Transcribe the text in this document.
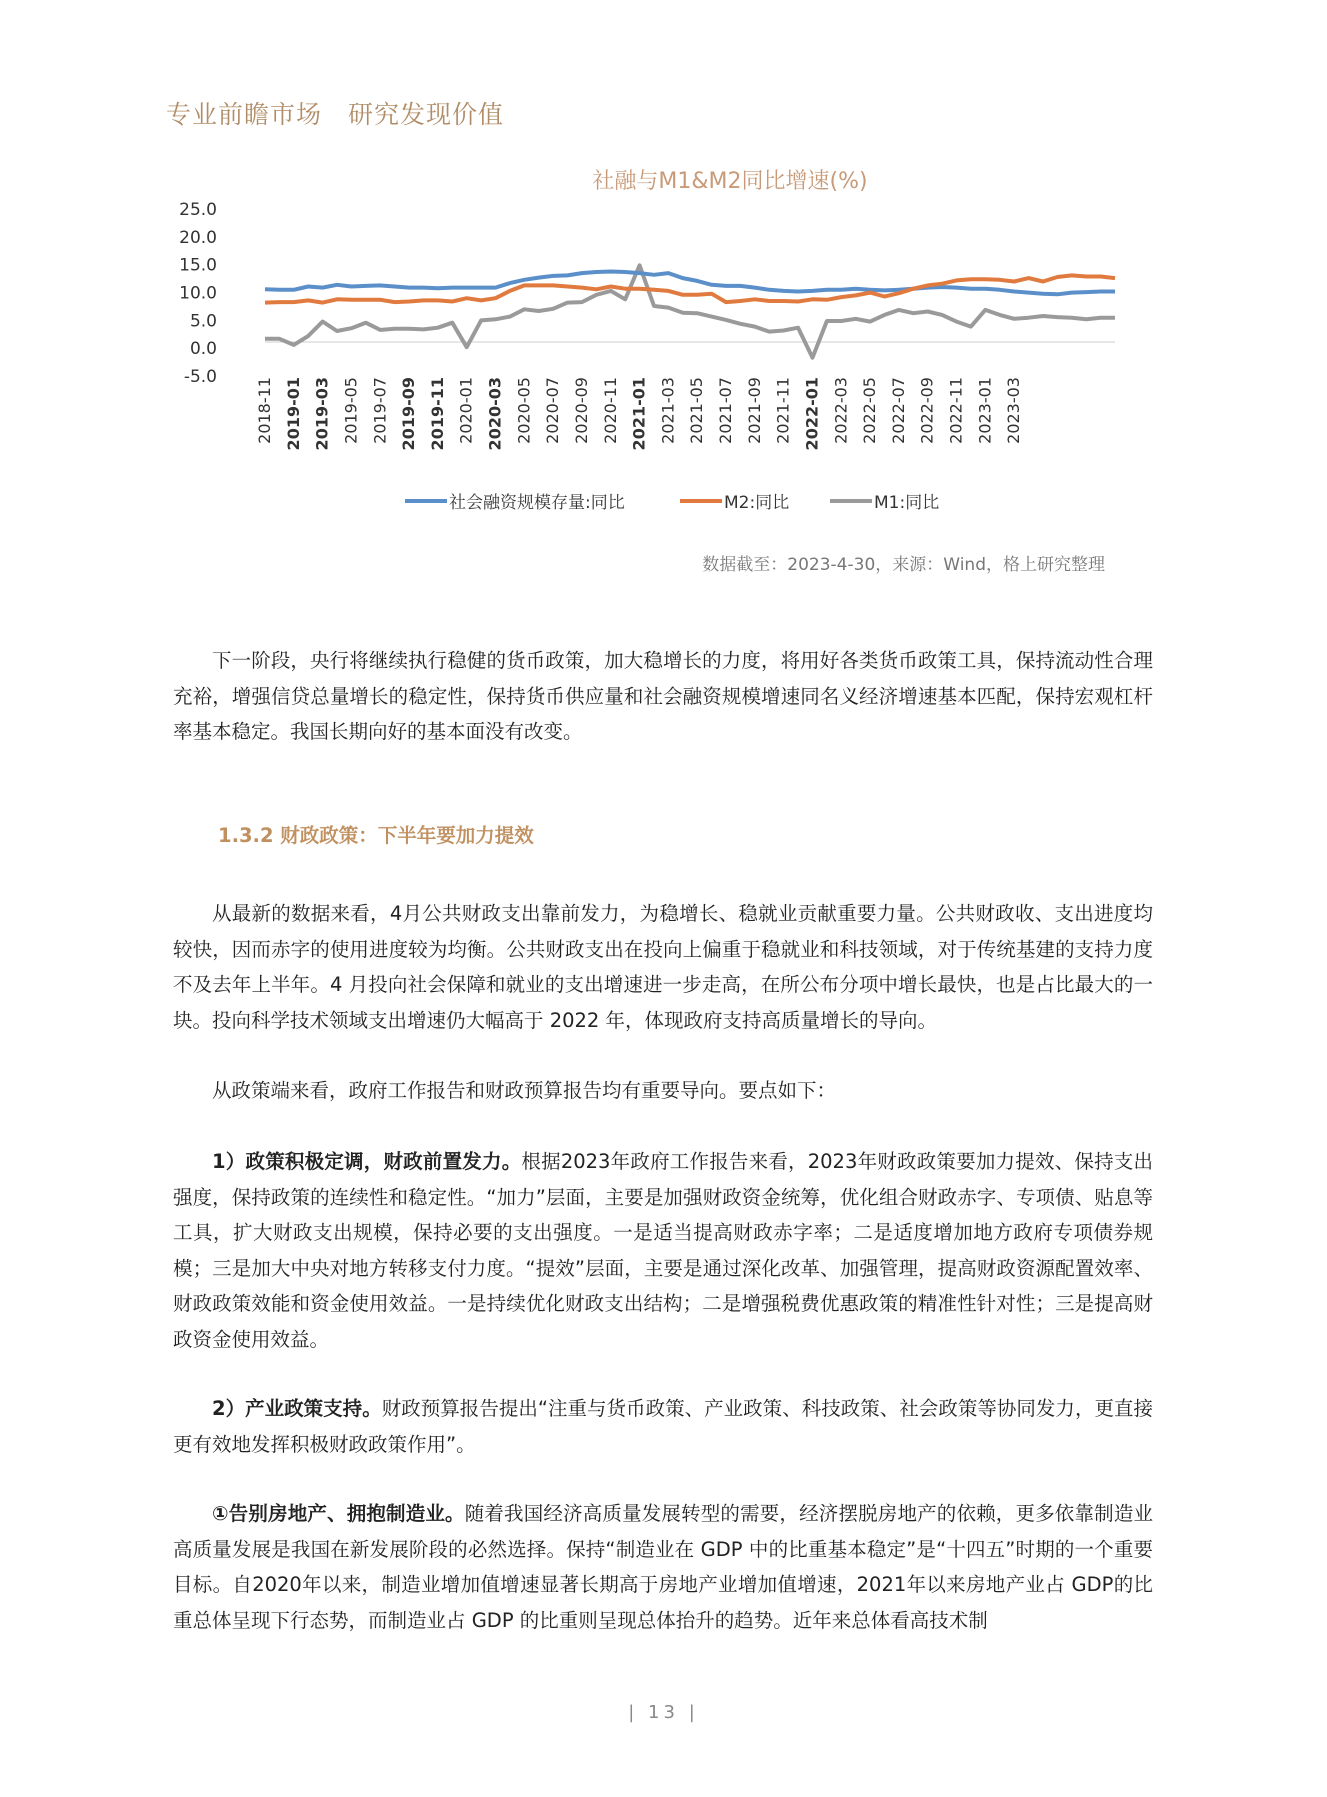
专业前瞻市场 研究发现价值
社融与M1&M2同比增速(%)
25.0
20.0
15.0
10.0
5.0
0.0
-5.0 2018-11 2019-01 2019-03 2019-05 2019-07 2019-09 2019-11 2020-01 2020-03 2020-05 2020-07 2020-09 2020-11 2021-01 2021-03 2021-05 2021-07 2021-09 2021-11 2022-01 2022-03 2022-05 2022-07 2022-09 2022-11 2023-01 2023-03
社会融资规模存量:同比	M2:同比	M1:同比
数据截至：2023-4-30，来源：Wind，格上研究整理

下一阶段，央行将继续执行稳健的货币政策，加大稳增长的力度，将用好各类货币政策工具，保持流动性合理充裕，增强信贷总量增长的稳定性，保持货币供应量和社会融资规模增速同名义经济增速基本匹配，保持宏观杠杆率基本稳定。我国长期向好的基本面没有改变。

1.3.2 财政政策：下半年要加力提效

从最新的数据来看，4月公共财政支出靠前发力，为稳增长、稳就业贡献重要力量。公共财政收、支出进度均较快，因而赤字的使用进度较为均衡。公共财政支出在投向上偏重于稳就业和科技领域，对于传统基建的支持力度不及去年上半年。4 月投向社会保障和就业的支出增速进一步走高，在所公布分项中增长最快，也是占比最大的一块。投向科学技术领域支出增速仍大幅高于 2022 年，体现政府支持高质量增长的导向。

从政策端来看，政府工作报告和财政预算报告均有重要导向。要点如下：

1）政策积极定调，财政前置发力。根据2023年政府工作报告来看，2023年财政政策要加力提效、保持支出强度，保持政策的连续性和稳定性。“加力”层面，主要是加强财政资金统筹，优化组合财政赤字、专项债、贴息等工具，扩大财政支出规模，保持必要的支出强度。一是适当提高财政赤字率；二是适度增加地方政府专项债券规模；三是加大中央对地方转移支付力度。“提效”层面，主要是通过深化改革、加强管理，提高财政资源配置效率、财政政策效能和资金使用效益。一是持续优化财政支出结构；二是增强税费优惠政策的精准性针对性；三是提高财政资金使用效益。

2）产业政策支持。财政预算报告提出“注重与货币政策、产业政策、科技政策、社会政策等协同发力，更直接更有效地发挥积极财政政策作用”。

①告别房地产、拥抱制造业。随着我国经济高质量发展转型的需要，经济摆脱房地产的依赖，更多依靠制造业高质量发展是我国在新发展阶段的必然选择。保持“制造业在 GDP 中的比重基本稳定”是“十四五”时期的一个重要目标。自2020年以来，制造业增加值增速显著长期高于房地产业增加值增速，2021年以来房地产业占 GDP的比重总体呈现下行态势，而制造业占 GDP 的比重则呈现总体抬升的趋势。近年来总体看高技术制

| 13 |
